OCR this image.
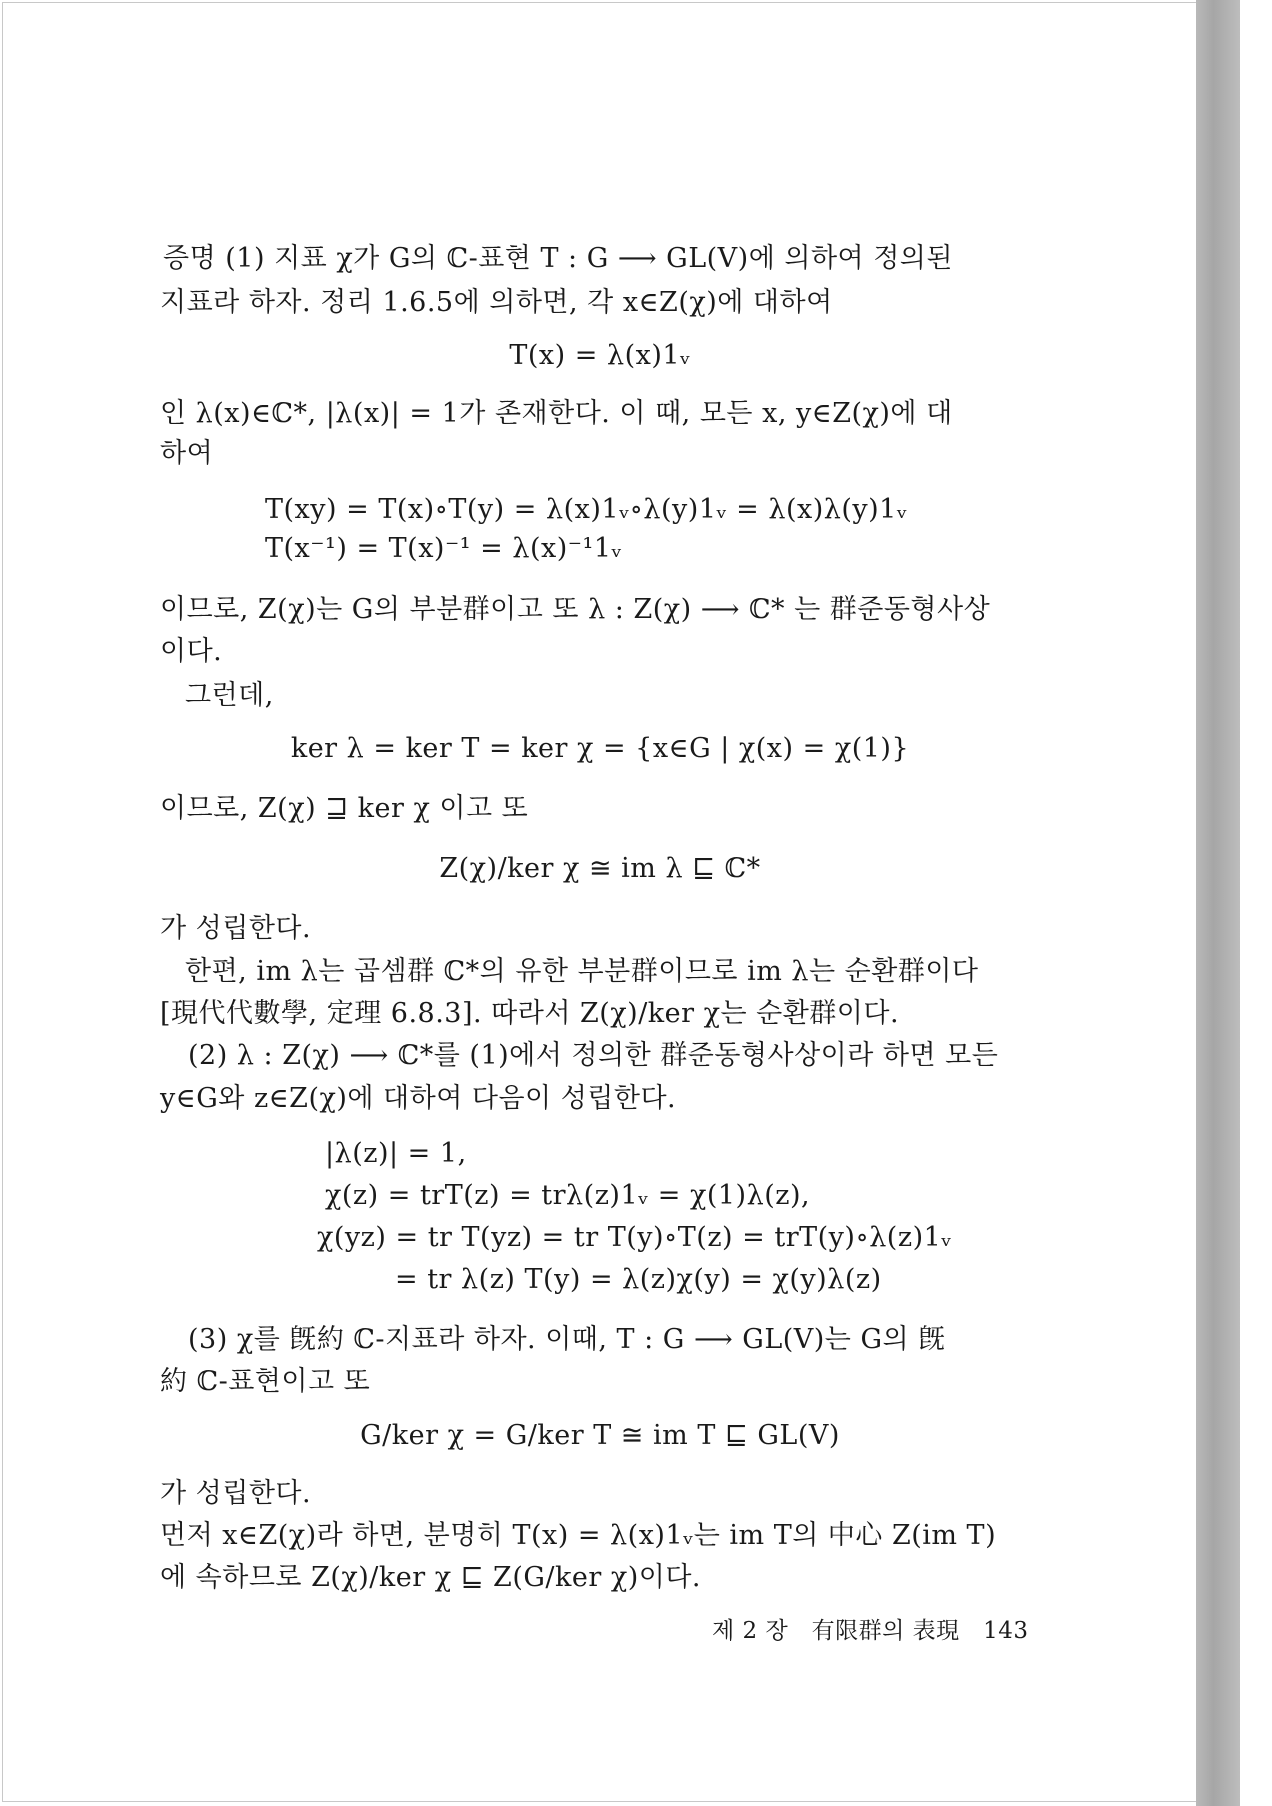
증명 (1) 지표 χ가 G의 ℂ-표현 T : G ⟶ GL(V)에 의하여 정의된
지표라 하자. 정리 1.6.5에 의하면, 각 x∈Z(χ)에 대하여
T(x) = λ(x)1ᵥ
인 λ(x)∈ℂ*, |λ(x)| = 1가 존재한다. 이 때, 모든 x, y∈Z(χ)에 대
하여
T(xy) = T(x)∘T(y) = λ(x)1ᵥ∘λ(y)1ᵥ = λ(x)λ(y)1ᵥ
T(x⁻¹) = T(x)⁻¹ = λ(x)⁻¹1ᵥ
이므로, Z(χ)는 G의 부분群이고 또 λ : Z(χ) ⟶ ℂ* 는 群준동형사상
이다.
그런데,
ker λ = ker T = ker χ = {x∈G | χ(x) = χ(1)}
이므로, Z(χ) ⊒ ker χ 이고 또
Z(χ)/ker χ ≅ im λ ⊑ ℂ*
가 성립한다.
한편, im λ는 곱셈群 ℂ*의 유한 부분群이므로 im λ는 순환群이다
[現代代數學, 定理 6.8.3]. 따라서 Z(χ)/ker χ는 순환群이다.
(2) λ : Z(χ) ⟶ ℂ*를 (1)에서 정의한 群준동형사상이라 하면 모든
y∈G와 z∈Z(χ)에 대하여 다음이 성립한다.
|λ(z)| = 1,
χ(z) = trT(z) = trλ(z)1ᵥ = χ(1)λ(z),
χ(yz) = tr T(yz) = tr T(y)∘T(z) = trT(y)∘λ(z)1ᵥ
= tr λ(z) T(y) = λ(z)χ(y) = χ(y)λ(z)
(3) χ를 旣約 ℂ-지표라 하자. 이때, T : G ⟶ GL(V)는 G의 旣
約 ℂ-표현이고 또
G/ker χ = G/ker T ≅ im T ⊑ GL(V)
가 성립한다.
먼저 x∈Z(χ)라 하면, 분명히 T(x) = λ(x)1ᵥ는 im T의 中心 Z(im T)
에 속하므로 Z(χ)/ker χ ⊑ Z(G/ker χ)이다.
제 2 장 有限群의 表現 143
